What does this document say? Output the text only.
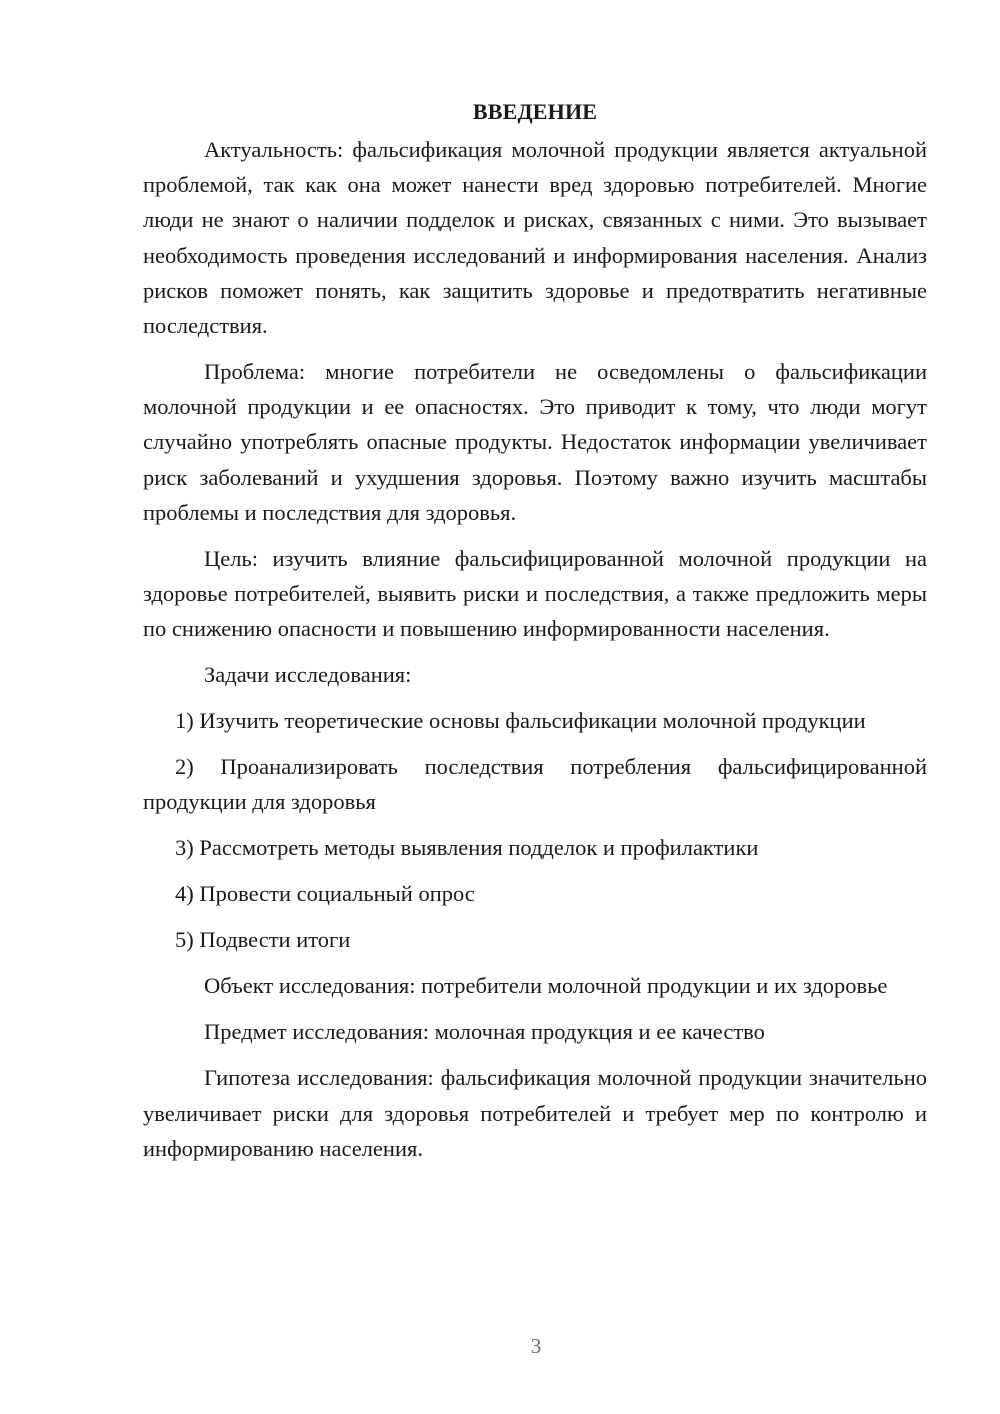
ВВЕДЕНИЕ

Актуальность: фальсификация молочной продукции является актуальной проблемой, так как она может нанести вред здоровью потребителей. Многие люди не знают о наличии подделок и рисках, связанных с ними. Это вызывает необходимость проведения исследований и информирования населения. Анализ рисков поможет понять, как защитить здоровье и предотвратить негативные последствия.

Проблема: многие потребители не осведомлены о фальсификации молочной продукции и ее опасностях. Это приводит к тому, что люди могут случайно употреблять опасные продукты. Недостаток информации увеличивает риск заболеваний и ухудшения здоровья. Поэтому важно изучить масштабы проблемы и последствия для здоровья.

Цель: изучить влияние фальсифицированной молочной продукции на здоровье потребителей, выявить риски и последствия, а также предложить меры по снижению опасности и повышению информированности населения.

Задачи исследования:

1) Изучить теоретические основы фальсификации молочной продукции

2) Проанализировать последствия потребления фальсифицированной продукции для здоровья

3) Рассмотреть методы выявления подделок и профилактики

4) Провести социальный опрос

5) Подвести итоги

Объект исследования: потребители молочной продукции и их здоровье

Предмет исследования: молочная продукция и ее качество

Гипотеза исследования: фальсификация молочной продукции значительно увеличивает риски для здоровья потребителей и требует мер по контролю и информированию населения.

3
